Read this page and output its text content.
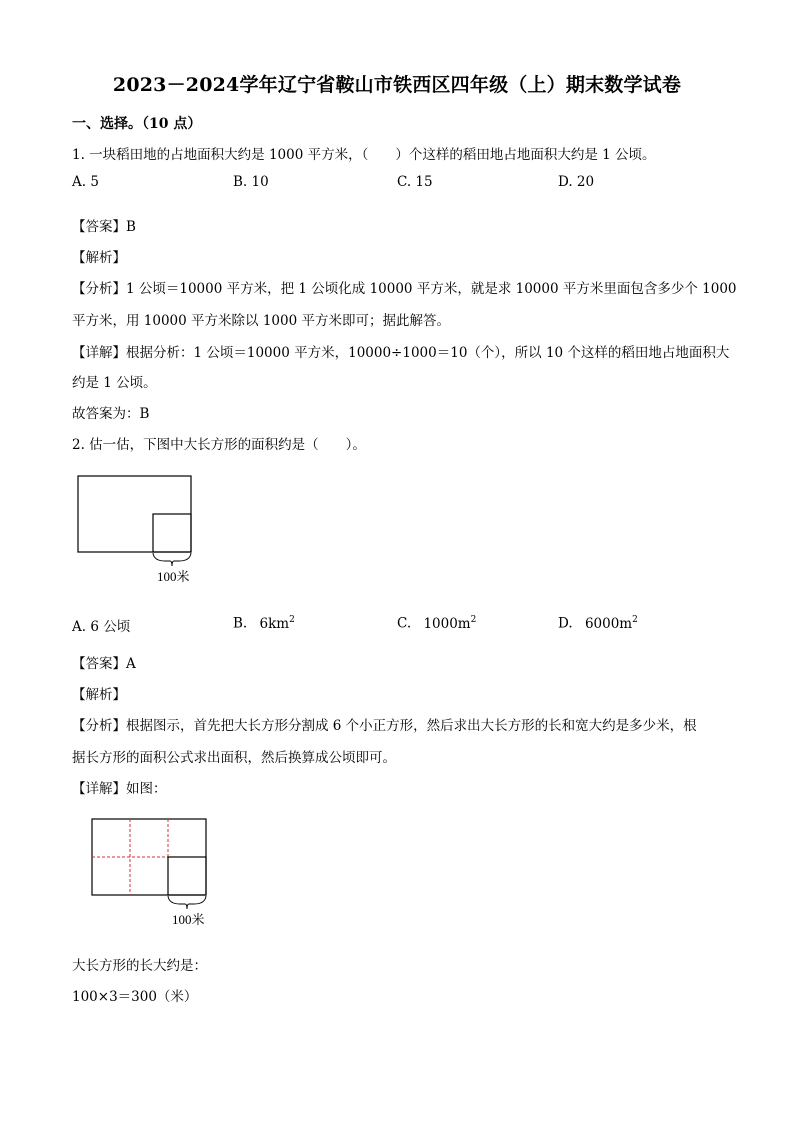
2023－2024学年辽宁省鞍山市铁西区四年级（上）期末数学试卷
一、选择。（10 点）
1. 一块稻田地的占地面积大约是 1000 平方米，（　　）个这样的稻田地占地面积大约是 1 公顷。
A. 5	B. 10	C. 15	D. 20
【答案】B
【解析】
【分析】1 公顷＝10000 平方米，把 1 公顷化成 10000 平方米，就是求 10000 平方米里面包含多少个 1000
平方米，用 10000 平方米除以 1000 平方米即可；据此解答。
【详解】根据分析：1 公顷＝10000 平方米，10000÷1000＝10（个），所以 10 个这样的稻田地占地面积大
约是 1 公顷。
故答案为：B
2. 估一估，下图中大长方形的面积约是（　　）。
100米
A. 6 公顷	B. $6km^2$	C. $1000m^2$	D. $6000m^2$
【答案】A
【解析】
【分析】根据图示，首先把大长方形分割成 6 个小正方形，然后求出大长方形的长和宽大约是多少米，根
据长方形的面积公式求出面积，然后换算成公顷即可。
【详解】如图：
100米
大长方形的长大约是：
100×3＝300（米）
